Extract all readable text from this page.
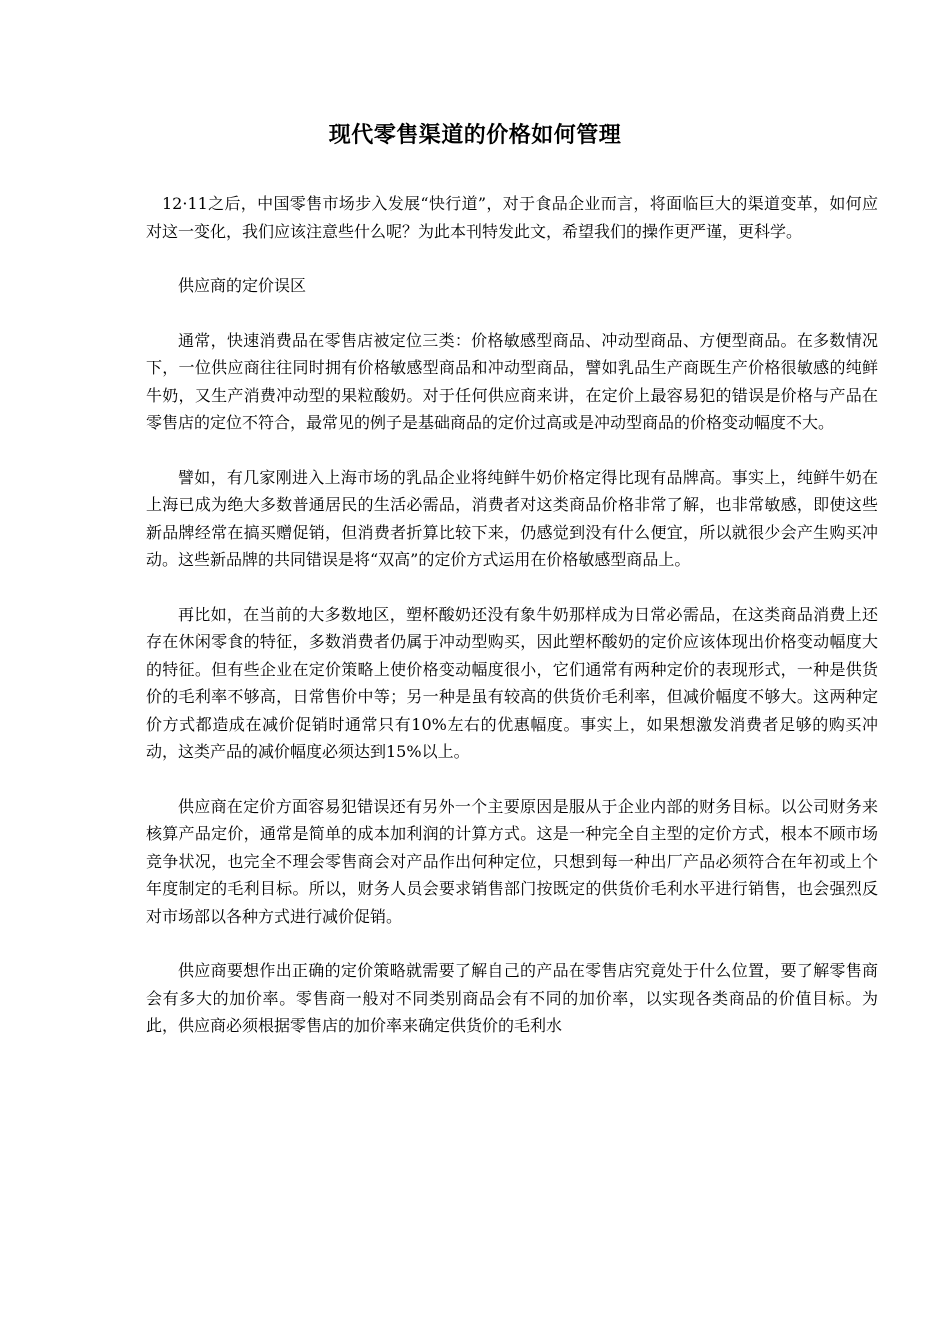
现代零售渠道的价格如何管理

12·11之后，中国零售市场步入发展“快行道”，对于食品企业而言，将面临巨大的渠道变革，如何应对这一变化，我们应该注意些什么呢？为此本刊特发此文，希望我们的操作更严谨，更科学。

供应商的定价误区

通常，快速消费品在零售店被定位三类：价格敏感型商品、冲动型商品、方便型商品。在多数情况下，一位供应商往往同时拥有价格敏感型商品和冲动型商品，譬如乳品生产商既生产价格很敏感的纯鲜牛奶，又生产消费冲动型的果粒酸奶。对于任何供应商来讲，在定价上最容易犯的错误是价格与产品在零售店的定位不符合，最常见的例子是基础商品的定价过高或是冲动型商品的价格变动幅度不大。

譬如，有几家刚进入上海市场的乳品企业将纯鲜牛奶价格定得比现有品牌高。事实上，纯鲜牛奶在上海已成为绝大多数普通居民的生活必需品，消费者对这类商品价格非常了解，也非常敏感，即使这些新品牌经常在搞买赠促销，但消费者折算比较下来，仍感觉到没有什么便宜，所以就很少会产生购买冲动。这些新品牌的共同错误是将“双高”的定价方式运用在价格敏感型商品上。

再比如，在当前的大多数地区，塑杯酸奶还没有象牛奶那样成为日常必需品，在这类商品消费上还存在休闲零食的特征，多数消费者仍属于冲动型购买，因此塑杯酸奶的定价应该体现出价格变动幅度大的特征。但有些企业在定价策略上使价格变动幅度很小，它们通常有两种定价的表现形式，一种是供货价的毛利率不够高，日常售价中等；另一种是虽有较高的供货价毛利率，但减价幅度不够大。这两种定价方式都造成在减价促销时通常只有10%左右的优惠幅度。事实上，如果想激发消费者足够的购买冲动，这类产品的减价幅度必须达到15%以上。

供应商在定价方面容易犯错误还有另外一个主要原因是服从于企业内部的财务目标。以公司财务来核算产品定价，通常是简单的成本加利润的计算方式。这是一种完全自主型的定价方式，根本不顾市场竞争状况，也完全不理会零售商会对产品作出何种定位，只想到每一种出厂产品必须符合在年初或上个年度制定的毛利目标。所以，财务人员会要求销售部门按既定的供货价毛利水平进行销售，也会强烈反对市场部以各种方式进行减价促销。

供应商要想作出正确的定价策略就需要了解自己的产品在零售店究竟处于什么位置，要了解零售商会有多大的加价率。零售商一般对不同类别商品会有不同的加价率，以实现各类商品的价值目标。为此，供应商必须根据零售店的加价率来确定供货价的毛利水
